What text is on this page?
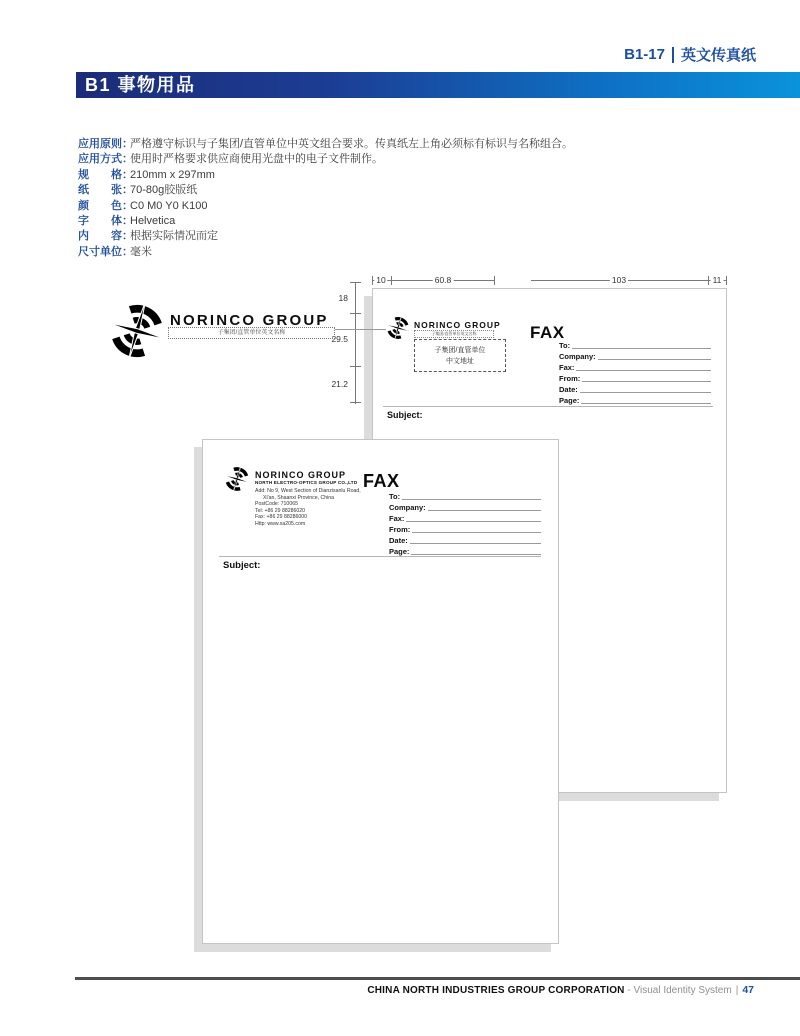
B1-17 英文传真纸
B1 事物用品
应用原则：
严格遵守标识与子集团/直管单位中英文组合要求。传真纸左上角必须标有标识与名称组合。
应用方式：
使用时严格要求供应商使用光盘中的电子文件制作。
规　　格：
210mm x 297mm
纸　　张：
70-80g胶版纸
颜　　色：
C0 M0 Y0 K100
字　　体：
Helvetica
内　　容：
根据实际情况而定
尺寸单位：
毫米
10	60.8	103	11
18
29.5
21.2
NORINCO GROUP
子集团/直管单位英文名称
NORINCO GROUP
子集团/直管单位英文名称
子集团/直管单位
中文地址
FAX
To:
Company:
Fax:
From:
Date:
Page:
Subject:
NORINCO GROUP
NORTH ELECTRO-OPTICS GROUP CO.,LTD
Add: No 9, West Section of Dianzisanlu Road,
Xi'an, Shaanxi Province, China
PostCode: 710065
Tel: +86 29 88286020
Fax: +86 29 88286000
Http: www.xa205.com
FAX
To:
Company:
Fax:
From:
Date:
Page:
Subject:
CHINA NORTH INDUSTRIES GROUP CORPORATION - Visual Identity System | 47
